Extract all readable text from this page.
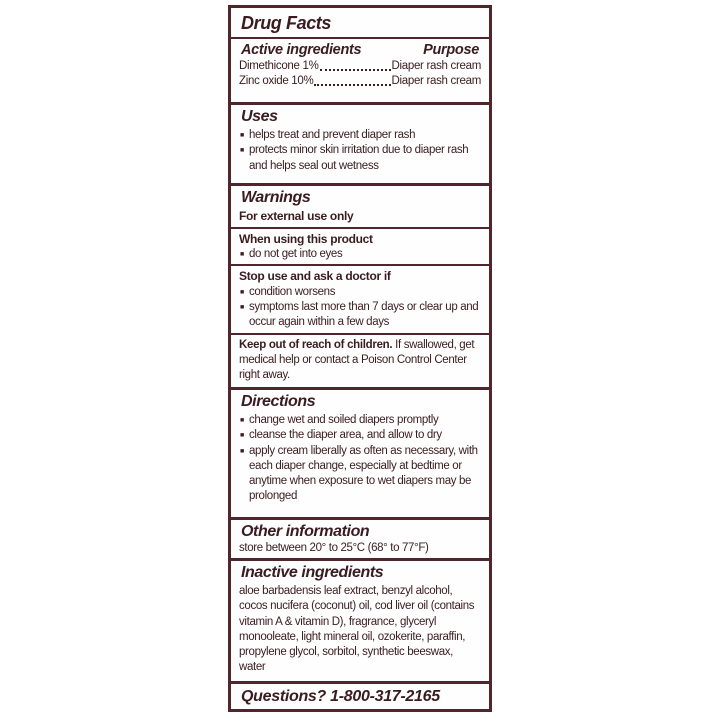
Drug Facts
Active ingredients	Purpose
Dimethicone 1%	Diaper rash cream
Zinc oxide 10%	Diaper rash cream
Uses
■ helps treat and prevent diaper rash
■ protects minor skin irritation due to diaper rash and helps seal out wetness
Warnings
For external use only
When using this product
■ do not get into eyes
Stop use and ask a doctor if
■ condition worsens
■ symptoms last more than 7 days or clear up and occur again within a few days
Keep out of reach of children. If swallowed, get medical help or contact a Poison Control Center right away.
Directions
■ change wet and soiled diapers promptly
■ cleanse the diaper area, and allow to dry
■ apply cream liberally as often as necessary, with each diaper change, especially at bedtime or anytime when exposure to wet diapers may be prolonged
Other information
store between 20° to 25°C (68° to 77°F)
Inactive ingredients
aloe barbadensis leaf extract, benzyl alcohol, cocos nucifera (coconut) oil, cod liver oil (contains vitamin A & vitamin D), fragrance, glyceryl monooleate, light mineral oil, ozokerite, paraffin, propylene glycol, sorbitol, synthetic beeswax, water
Questions? 1-800-317-2165
